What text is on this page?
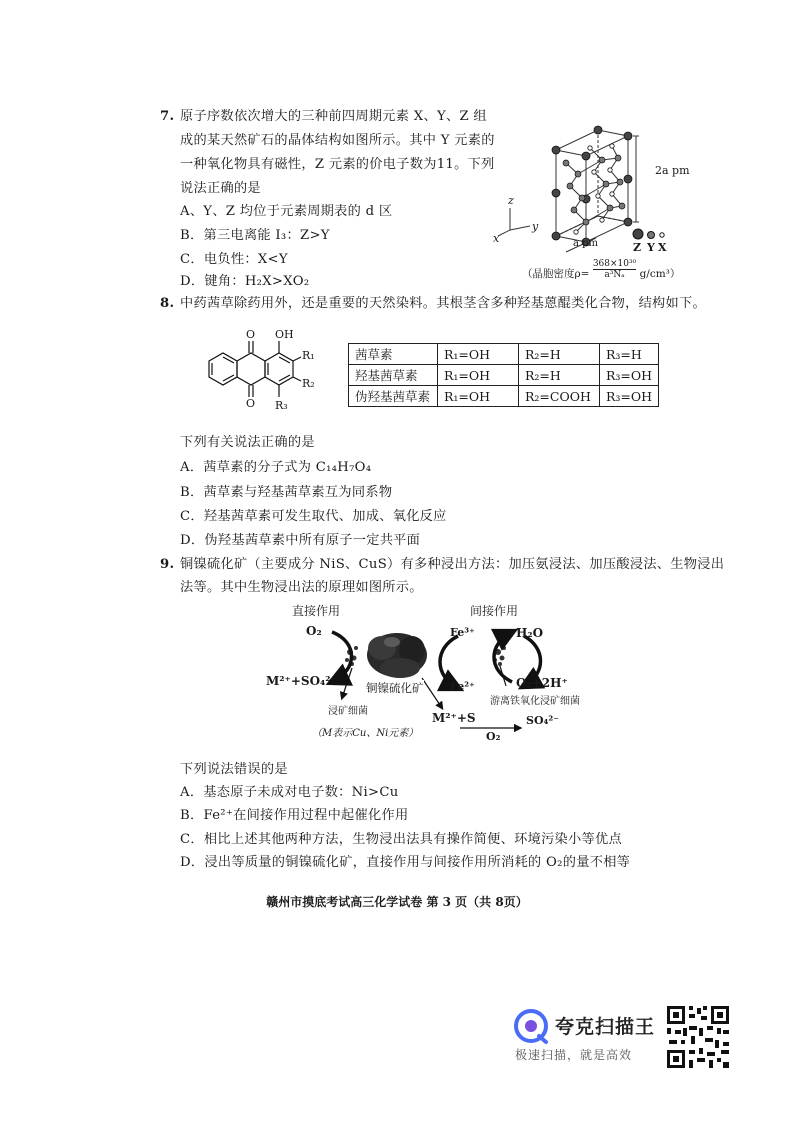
7. 原子序数依次增大的三种前四周期元素 X、Y、Z 组
成的某天然矿石的晶体结构如图所示。其中 Y 元素的
一种氧化物具有磁性，Z 元素的价电子数为11。下列
说法正确的是
A、Y、Z 均位于元素周期表的 d 区
B．第三电离能 I₃：Z>Y
C．电负性：X<Y
D．键角：H₂X>XO₂
2a pm
a pm
x
y
z
Z Y X
（晶胞密度$\rho= \frac{\text{368×10³⁰}}{\text{a³Nₐ}} g/cm^3$）
8. 中药茜草除药用外，还是重要的天然染料。其根茎含多种羟基蒽醌类化合物，结构如下。
O OH
R₁
R₂
O R₃
茜草素	R₁=OH	R₂=H	R₃=H
羟基茜草素	R₁=OH	R₂=H	R₃=OH
伪羟基茜草素	R₁=OH	R₂=COOH	R₃=OH
下列有关说法正确的是
A．茜草素的分子式为 C₁₄H₇O₄
B．茜草素与羟基茜草素互为同系物
C．羟基茜草素可发生取代、加成、氧化反应
D．伪羟基茜草素中所有原子一定共平面
9. 铜镍硫化矿（主要成分 NiS、CuS）有多种浸出方法：加压氨浸法、加压酸浸法、生物浸出
法等。其中生物浸出法的原理如图所示。
直接作用	间接作用
O₂
M²⁺+SO₄²⁻	铜镍硫化矿
浸矿细菌
（M表示Cu、Ni元素）
Fe³⁺
Fe²⁺
H₂O
O₂+2H⁺
游离铁氧化浸矿细菌
M²⁺+S	SO₄²⁻
O₂
下列说法错误的是
A．基态原子未成对电子数：Ni>Cu
B．Fe²⁺在间接作用过程中起催化作用
C．相比上述其他两种方法，生物浸出法具有操作简便、环境污染小等优点
D．浸出等质量的铜镍硫化矿，直接作用与间接作用所消耗的 O₂的量不相等
赣州市摸底考试高三化学试卷 第 3 页（共 8页）
夸克扫描王
极速扫描，就是高效
